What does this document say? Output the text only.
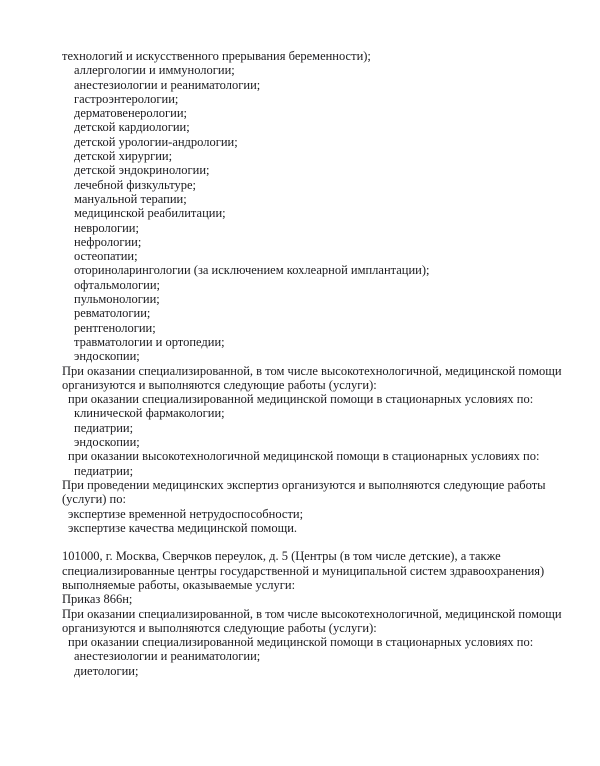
технологий и искусственного прерывания беременности);
аллергологии и иммунологии;
анестезиологии и реаниматологии;
гастроэнтерологии;
дерматовенерологии;
детской кардиологии;
детской урологии-андрологии;
детской хирургии;
детской эндокринологии;
лечебной физкультуре;
мануальной терапии;
медицинской реабилитации;
неврологии;
нефрологии;
остеопатии;
оториноларингологии (за исключением кохлеарной имплантации);
офтальмологии;
пульмонологии;
ревматологии;
рентгенологии;
травматологии и ортопедии;
эндоскопии;
При оказании специализированной, в том числе высокотехнологичной, медицинской помощи
организуются и выполняются следующие работы (услуги):
при оказании специализированной медицинской помощи в стационарных условиях по:
клинической фармакологии;
педиатрии;
эндоскопии;
при оказании высокотехнологичной медицинской помощи в стационарных условиях по:
педиатрии;
При проведении медицинских экспертиз организуются и выполняются следующие работы
(услуги) по:
экспертизе временной нетрудоспособности;
экспертизе качества медицинской помощи.
101000, г. Москва, Сверчков переулок, д. 5 (Центры (в том числе детские), а также
специализированные центры государственной и муниципальной систем здравоохранения)
выполняемые работы, оказываемые услуги:
Приказ 866н;
При оказании специализированной, в том числе высокотехнологичной, медицинской помощи
организуются и выполняются следующие работы (услуги):
при оказании специализированной медицинской помощи в стационарных условиях по:
анестезиологии и реаниматологии;
диетологии;
